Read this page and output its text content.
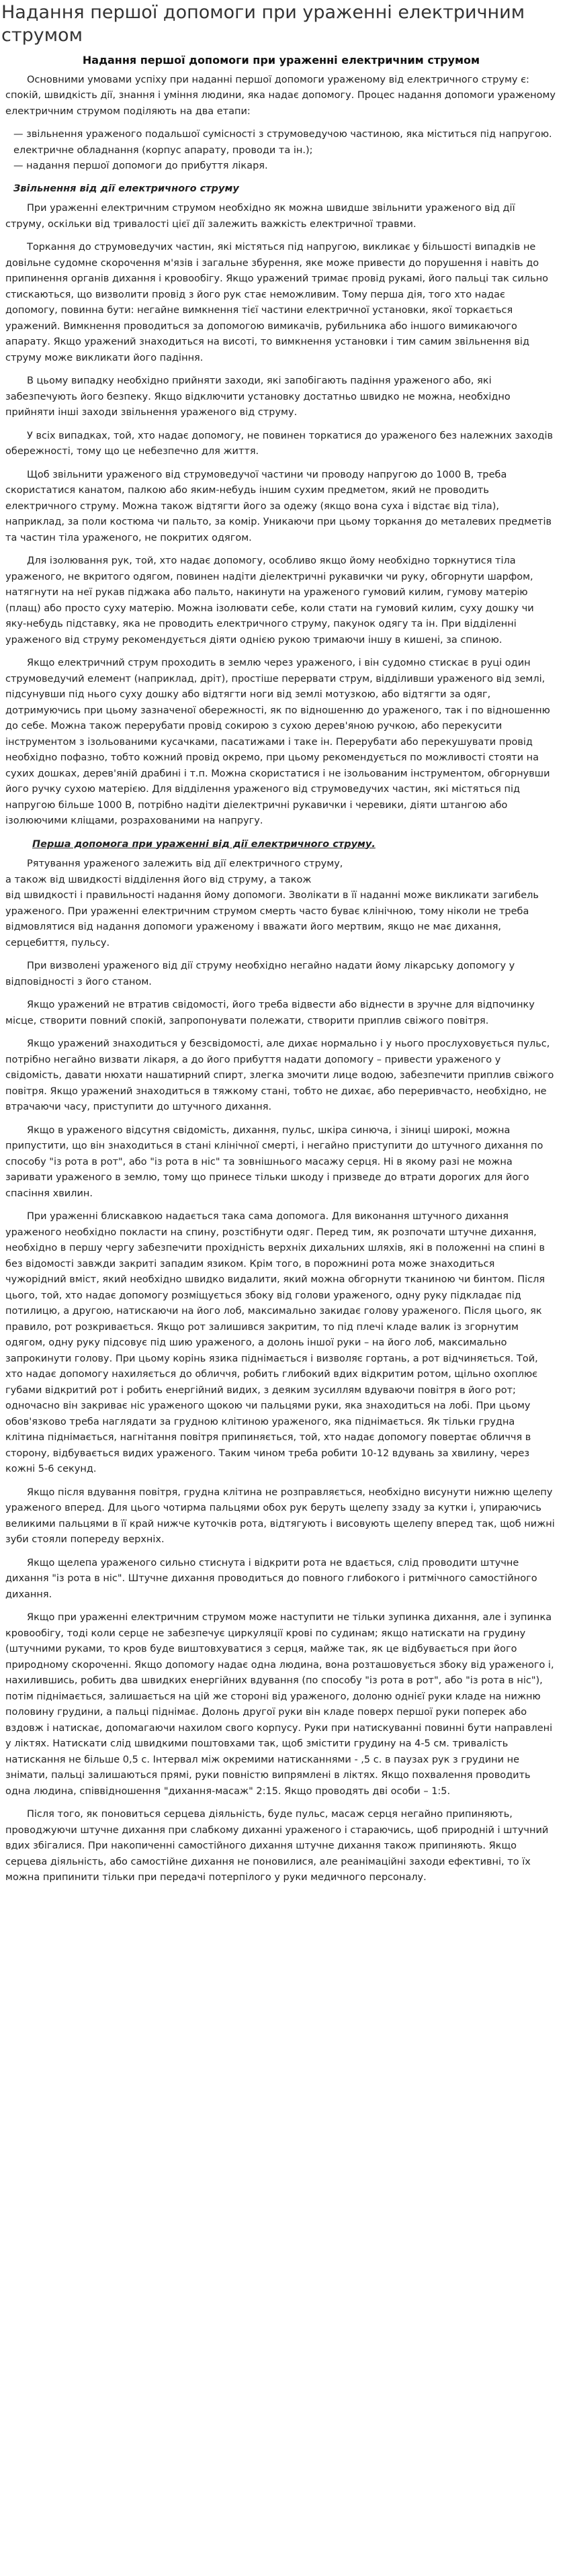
Надання першої допомоги при ураженні електричним струмом
Надання першої допомоги при ураженні електричним струмом

Основними умовами успіху при наданні першої допомоги ураженому від електричного струму є: спокій, швидкість дії, знання і уміння людини, яка надає допомогу. Процес надання допомоги ураженому електричним струмом поділяють на два етапи:

— звільнення ураженого подальшої сумісності з струмоведучою частиною, яка міститься під напругою. електричне обладнання (корпус апарату, проводи та ін.);
— надання першої допомоги до прибуття лікаря.
Звільнення від дії електричного струму

При ураженні електричним струмом необхідно як можна швидше звільнити ураженого від дії струму, оскільки від тривалості цієї дії залежить важкість електричної травми.

Торкання до струмоведучих частин, які містяться під напругою, викликає у більшості випадків не довільне судомне скорочення м'язів і загальне збурення, яке може привести до порушення і навіть до припинення органів дихання і кровообігу. Якщо уражений тримає провід рукамі, його пальці так сильно стискаються, що визволити провід з його рук стає неможливим. Тому перша дія, того хто надає допомогу, повинна бути: негайне вимкнення тієї частини електричної установки, якої торкається уражений. Вимкнення проводиться за допомогою вимикачів, рубильника або іншого вимикаючого апарату. Якщо уражений знаходиться на висоті, то вимкнення установки і тим самим звільнення від струму може викликати його падіння.

В цьому випадку необхідно прийняти заходи, які запобігають падіння ураженого або, які забезпечують його безпеку. Якщо відключити установку достатньо швидко не можна, необхідно прийняти інші заходи звільнення ураженого від струму.

У всіх випадках, той, хто надає допомогу, не повинен торкатися до ураженого без належних заходів обережності, тому що це небезпечно для життя.

Щоб звільнити ураженого від струмоведучої частини чи проводу напругою до 1000 В, треба скористатися канатом, палкою або яким-небудь іншим сухим предметом, який не проводить електричного струму. Можна також відтягти його за одежу (якщо вона суха і відстає від тіла), наприклад, за поли костюма чи пальто, за комір. Уникаючи при цьому торкання до металевих предметів та частин тіла ураженого, не покритих одягом.

Для ізолювання рук, той, хто надає допомогу, особливо якщо йому необхідно торкнутися тіла ураженого, не вкритого одягом, повинен надіти діелектричні рукавички чи руку, обгорнути шарфом, натягнути на неї рукав піджака або пальто, накинути на ураженого гумовий килим, гумову матерію (плащ) або просто суху матерію. Можна ізолювати себе, коли стати на гумовий килим, суху дошку чи яку-небудь підставку, яка не проводить електричного струму, пакунок одягу та ін. При відділенні ураженого від струму рекомендується діяти однією рукою тримаючи іншу в кишені, за спиною.

Якщо електричний струм проходить в землю через ураженого, і він судомно стискає в руці один струмоведучий елемент (наприклад, дріт), простіше перервати струм, відділивши ураженого від землі, підсунувши під нього суху дошку або відтягти ноги від землі мотузкою, або відтягти за одяг, дотримуючись при цьому зазначеної обережності, як по відношенню до ураженого, так і по відношенню до себе. Можна також перерубати провід сокирою з сухою дерев'яною ручкою, або перекусити інструментом з ізольованими кусачками, пасатижами і таке ін. Перерубати або перекушувати провід необхідно пофазно, тобто кожний провід окремо, при цьому рекомендується по можливості стояти на сухих дошках, дерев'яній драбині і т.п. Можна скористатися і не ізольованим інструментом, обгорнувши його ручку сухою матерією. Для відділення ураженого від струмоведучих частин, які містяться під напругою більше 1000 В, потрібно надіти діелектричні рукавички і черевики, діяти штангою або ізолюючими кліщами, розрахованими на напругу.

Перша допомога при ураженні від дії електричного струму.

Рятування ураженого залежить від дії електричного струму,

а також від швидкості відділення його від струму, а також

від швидкості і правильності надання йому допомоги. Зволікати в її наданні може викликати загибель ураженого. При ураженні електричним струмом смерть часто буває клінічною, тому ніколи не треба відмовлятися від надання допомоги ураженому і вважати його мертвим, якщо не має дихання, серцебиття, пульсу.

При визволені ураженого від дії струму необхідно негайно надати йому лікарську допомогу у відповідності з його станом.

Якщо уражений не втратив свідомості, його треба відвести або віднести в зручне для відпочинку місце, створити повний спокій, запропонувати полежати, створити приплив свіжого повітря.

Якщо уражений знаходиться у безсвідомості, але дихає нормально і у нього прослуховується пульс, потрібно негайно визвати лікаря, а до його прибуття надати допомогу – привести ураженого у свідомість, давати нюхати нашатирний спирт, злегка змочити лице водою, забезпечити приплив свіжого повітря. Якщо уражений знаходиться в тяжкому стані, тобто не дихає, або переривчасто, необхідно, не втрачаючи часу, приступити до штучного дихання.

Якщо в ураженого відсутня свідомість, дихання, пульс, шкіра синюча, і зіниці широкі, можна припустити, що він знаходиться в стані клінічної смерті, і негайно приступити до штучного дихання по способу "із рота в рот", або "із рота в ніс" та зовнішнього масажу серця. Ні в якому разі не можна заривати ураженого в землю, тому що принесе тільки шкоду і призведе до втрати дорогих для його спасіння хвилин.

При ураженні блискавкою надається така сама допомога. Для виконання штучного дихання ураженого необхідно покласти на спину, розстібнути одяг. Перед тим, як розпочати штучне дихання, необхідно в першу чергу забезпечити прохідність верхніх дихальних шляхів, які в положенні на спині в без відомості завжди закриті западим язиком. Крім того, в порожнині рота може знаходиться чужорідний вміст, який необхідно швидко видалити, який можна обгорнути тканиною чи бинтом. Після цього, той, хто надає допомогу розміщується збоку від голови ураженого, одну руку підкладає під потилицю, а другою, натискаючи на його лоб, максимально закидає голову ураженого. Після цього, як правило, рот розкривається. Якщо рот залишився закритим, то під плечі кладе валик із згорнутим одягом, одну руку підсовує під шию ураженого, а долонь іншої руки – на його лоб, максимально запрокинути голову. При цьому корінь язика піднімається і визволяє гортань, а рот відчиняється. Той, хто надає допомогу нахиляється до обличчя, робить глибокий вдих відкритим ротом, щільно охоплює губами відкритий рот і робить енергійний видих, з деяким зусиллям вдуваючи повітря в його рот; одночасно він закриває ніс ураженого щокою чи пальцями руки, яка знаходиться на лобі. При цьому обов'язково треба наглядати за грудною клітиною ураженого, яка піднімається. Як тільки грудна клітина піднімається, нагнітання повітря припиняється, той, хто надає допомогу повертає обличчя в сторону, відбувається видих ураженого. Таким чином треба робити 10-12 вдувань за хвилину, через кожні 5-6 секунд.

Якщо після вдування повітря, грудна клітина не розправляється, необхідно висунути нижню щелепу ураженого вперед. Для цього чотирма пальцями обох рук беруть щелепу ззаду за кутки і, упираючись великими пальцями в її край нижче куточків рота, відтягують і висовують щелепу вперед так, щоб нижні зуби стояли попереду верхніх.

Якщо щелепа ураженого сильно стиснута і відкрити рота не вдається, слід проводити штучне дихання "із рота в ніс". Штучне дихання проводиться до повного глибокого і ритмічного самостійного дихання.

Якщо при ураженні електричним струмом може наступити не тільки зупинка дихання, але і зупинка кровообігу, тоді коли серце не забезпечує циркуляції крові по судинам; якщо натискати на грудину (штучними руками, то кров буде виштовхуватися з серця, майже так, як це відбувається при його природному скороченні. Якщо допомогу надає одна людина, вона розташовується збоку від ураженого і, нахилившись, робить два швидких енергійних вдування (по способу "із рота в рот", або "із рота в ніс"), потім піднімається, залишається на цій же стороні від ураженого, долоню однієї руки кладе на нижню половину грудини, а пальці піднімає. Долонь другої руки він кладе поверх першої руки поперек або вздовж і натискає, допомагаючи нахилом свого корпусу. Руки при натискуванні повинні бути направлені у ліктях. Натискати слід швидкими поштовхами так, щоб змістити грудину на 4-5 см. тривалість натискання не більше 0,5 с. Інтервал між окремими натисканнями - ,5 с. в паузах рук з грудини не знімати, пальці залишаються прямі, руки повністю випрямлені в ліктях. Якщо похвалення проводить одна людина, співвідношення "дихання-масаж" 2:15. Якщо проводять дві особи – 1:5.

Після того, як поновиться серцева діяльність, буде пульс, масаж серця негайно припиняють, проводжуючи штучне дихання при слабкому диханні ураженого і стараючись, щоб природній і штучний вдих збігалися. При накопиченні самостійного дихання штучне дихання також припиняють. Якщо серцева діяльність, або самостійне дихання не поновилися, але реанімаційні заходи ефективні, то їх можна припинити тільки при передачі потерпілого у руки медичного персоналу.
